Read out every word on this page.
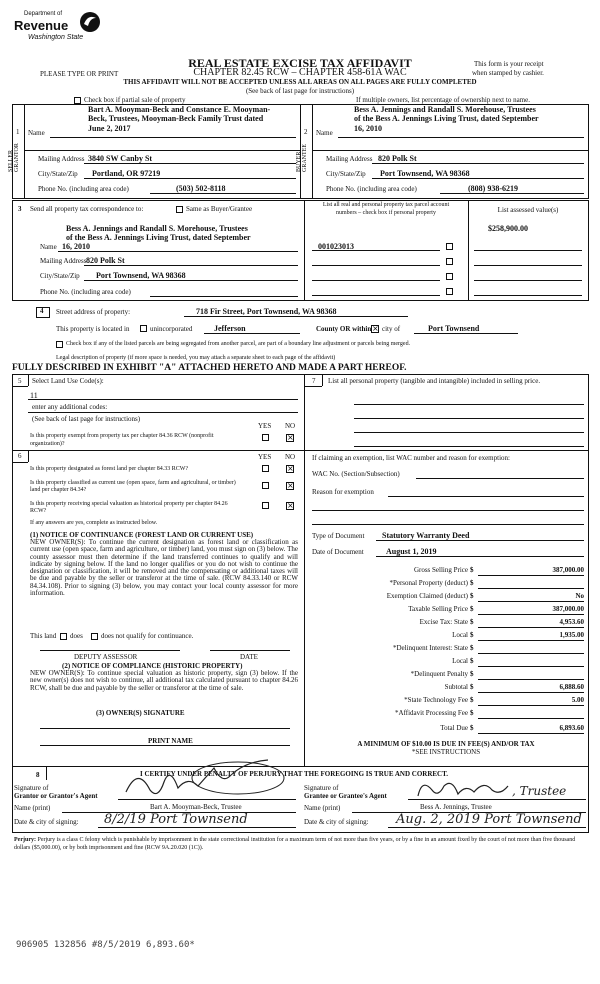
Department of
Revenue
Washington State
REAL ESTATE EXCISE TAX AFFIDAVIT
PLEASE TYPE OR PRINT	CHAPTER 82.45 RCW – CHAPTER 458-61A WAC
This form is your receipt
when stamped by cashier.
THIS AFFIDAVIT WILL NOT BE ACCEPTED UNLESS ALL AREAS ON ALL PAGES ARE FULLY COMPLETED
(See back of last page for instructions)
Check box if partial sale of property	If multiple owners, list percentage of ownership next to name.
1
SELLER GRANTOR
Name
Bart A. Mooyman-Beck and Constance E. Mooyman-
Beck, Trustees, Mooyman-Beck Family Trust dated
June 2, 2017
Mailing Address 3840 SW Canby St
City/State/Zip Portland, OR 97219
Phone No. (including area code)	(503) 502-8118
2
BUYER GRANTEE
Name
Bess A. Jennings and Randall S. Morehouse, Trustees
of the Bess A. Jennings Living Trust, dated September
16, 2010
Mailing Address 820 Polk St
City/State/Zip Port Townsend, WA 98368
Phone No. (including area code)	(808) 938-6219
3 Send all property tax correspondence to:	Same as Buyer/Grantee
Bess A. Jennings and Randall S. Morehouse, Trustees
of the Bess A. Jennings Living Trust, dated September
Name 16, 2010
Mailing Address 820 Polk St
City/State/Zip Port Townsend, WA 98368
Phone No. (including area code)
List all real and personal property tax parcel account
numbers – check box if personal property	List assessed value(s)
$258,900.00
001023013
4 Street address of property:	718 Fir Street, Port Townsend, WA 98368
This property is located in	unincorporated	Jefferson	County OR within × city of	Port Townsend
Check box if any of the listed parcels are being segregated from another parcel, are part of a boundary line adjustment or parcels being merged.
Legal description of property (if more space is needed, you may attach a separate sheet to each page of the affidavit)
FULLY DESCRIBED IN EXHIBIT "A" ATTACHED HERETO AND MADE A PART HEREOF.
5 Select Land Use Code(s):
11
enter any additional codes:
(See back of last page for instructions)
YES NO
Is this property exempt from property tax per chapter 84.36 RCW (nonprofit organization)?
×
6	YES NO
Is this property designated as forest land per chapter 84.33 RCW?	×
Is this property classified as current use (open space, farm and agricultural, or timber) land per chapter 84.34?	×
Is this property receiving special valuation as historical property per chapter 84.26 RCW?
×
If any answers are yes, complete as instructed below.
(1) NOTICE OF CONTINUANCE (FOREST LAND OR CURRENT USE)
NEW OWNER(S): To continue the current designation as forest land or classification as current use (open space, farm and agriculture, or timber) land, you must sign on (3) below. The county assessor must then determine if the land transferred continues to qualify and will indicate by signing below. If the land no longer qualifies or you do not wish to continue the designation or classification, it will be removed and the compensating or additional taxes will be due and payable by the seller or transferor at the time of sale. (RCW 84.33.140 or RCW 84.34.108). Prior to signing (3) below, you may contact your local county assessor for more information.
This land does	does not qualify for continuance.
DEPUTY ASSESSOR	DATE
(2) NOTICE OF COMPLIANCE (HISTORIC PROPERTY)
NEW OWNER(S): To continue special valuation as historic property, sign (3) below. If the new owner(s) does not wish to continue, all additional tax calculated pursuant to chapter 84.26 RCW, shall be due and payable by the seller or transferor at the time of sale.
(3) OWNER(S) SIGNATURE
PRINT NAME
7 List all personal property (tangible and intangible) included in selling price.
If claiming an exemption, list WAC number and reason for exemption:
WAC No. (Section/Subsection)
Reason for exemption
Type of Document Statutory Warranty Deed
Date of Document	August 1, 2019
Gross Selling Price $	387,000.00
*Personal Property (deduct) $
Exemption Claimed (deduct) $	No
Taxable Selling Price $	387,000.00
Excise Tax: State $	4,953.60
Local $	1,935.00
*Delinquent Interest: State $
Local $
*Delinquent Penalty $
Subtotal $	6,888.60
*State Technology Fee $	5.00
*Affidavit Processing Fee $
Total Due $	6,893.60
A MINIMUM OF $10.00 IS DUE IN FEE(S) AND/OR TAX
*SEE INSTRUCTIONS
8	I CERTIFY UNDER PENALTY OF PERJURY THAT THE FOREGOING IS TRUE AND CORRECT.
Signature of
Grantor or Grantor's Agent
Name (print)	Bart A. Mooyman-Beck, Trustee
Date & city of signing: 8/2/19 Port Townsend
Signature of
Grantee or Grantee's Agent	, Trustee
Name (print)	Bess A. Jennings, Trustee
Date & city of signing: Aug. 2, 2019 Port Townsend
Perjury: Perjury is a class C felony which is punishable by imprisonment in the state correctional institution for a maximum term of not more than five years, or by a fine in an amount fixed by the court of not more than five thousand dollars ($5,000.00), or by both imprisonment and fine (RCW 9A.20.020 (1C)).
906905 132856 #8/5/2019 6,893.60*
